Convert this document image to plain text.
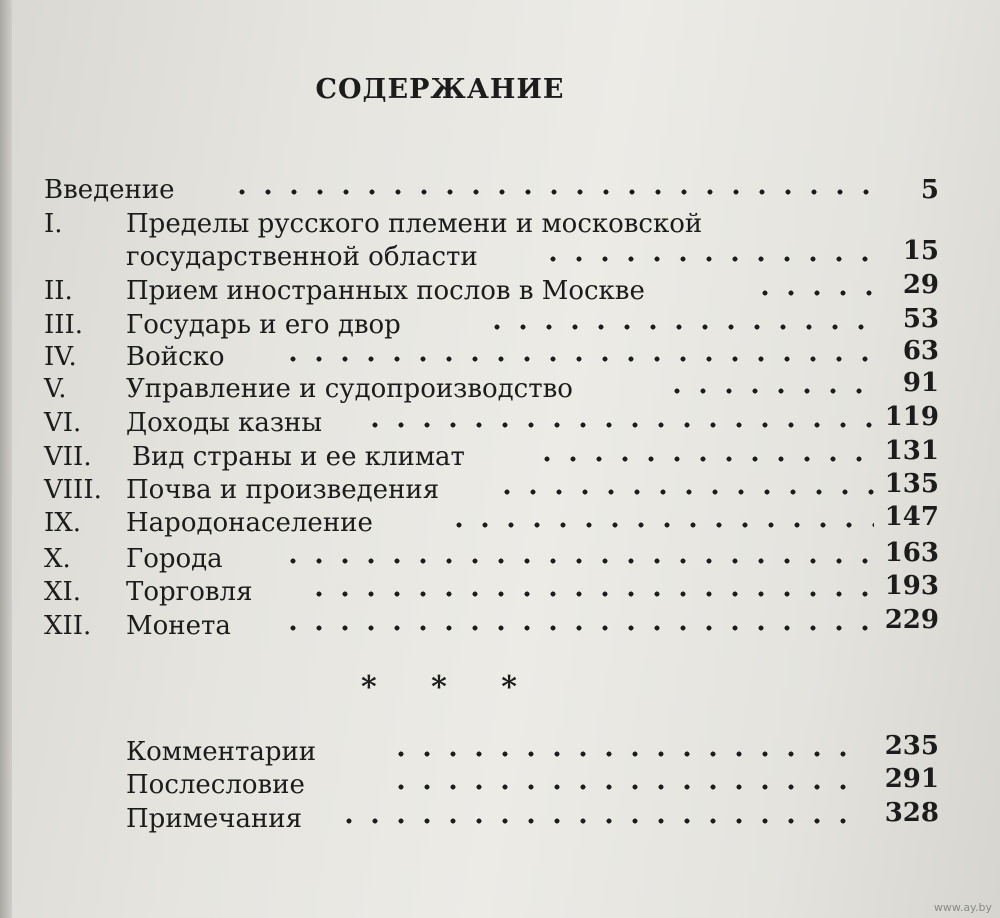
СОДЕРЖАНИЕ
Введение	5
I. Пределы русского племени и московской
государственной области	15
II. Прием иностранных послов в Москве	29
III. Государь и его двор	53
IV. Войско	63
V. Управление и судопроизводство	91
VI. Доходы казны	119
VII. Вид страны и ее климат	131
VIII. Почва и произведения	135
IX. Народонаселение	147
X. Города	163
XI. Торговля	193
XII. Монета	229
* * *
Комментарии	235
Послесловие	291
Примечания	328
www.ay.by
